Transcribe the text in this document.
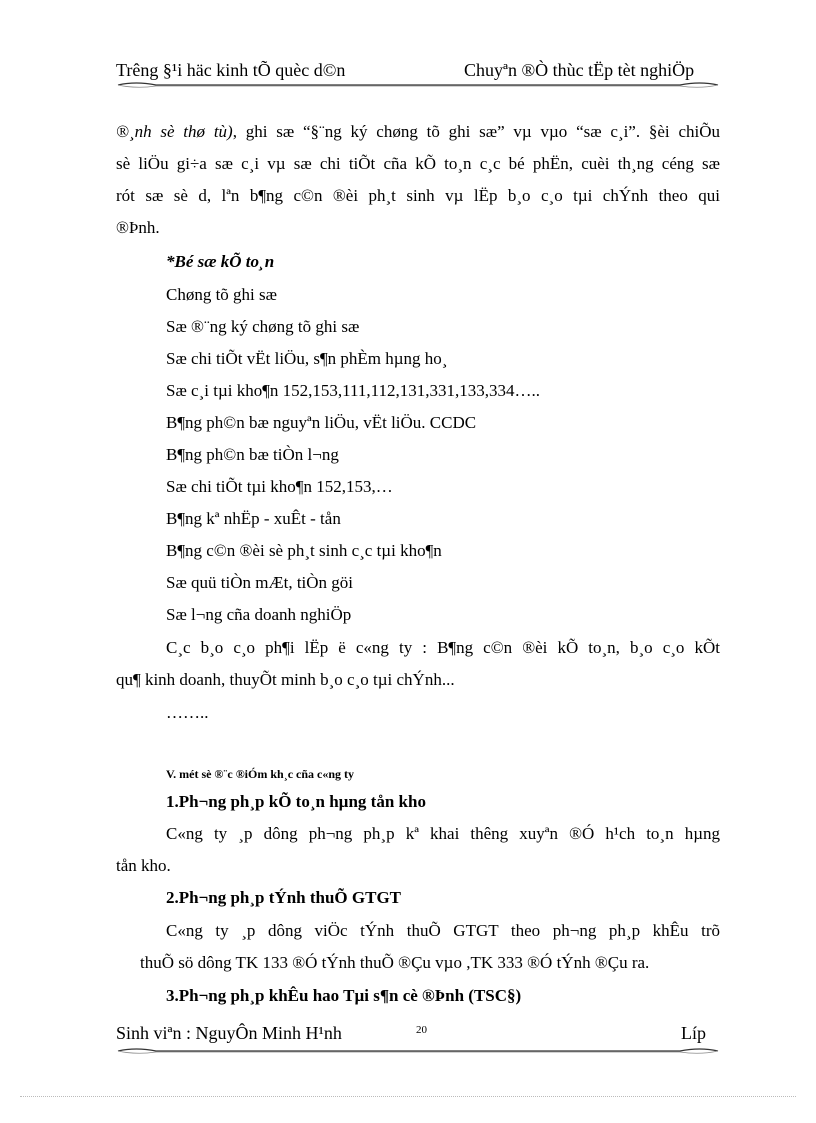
Trêng §¹i häc kinh tÕ quèc d©n	Chuyªn ®Ò thùc tËp tèt nghiÖp
®¸nh sè thø tù), ghi sæ “§¨ng ký chøng tõ ghi sæ” vµ vµo “sæ c¸i”. §èi chiÕu
sè liÖu gi÷a sæ c¸i vµ sæ chi tiÕt cña kÕ to¸n c¸c bé phËn, cuèi th¸ng céng sæ
rót sæ sè d, lªn b¶ng c©n ®èi ph¸t sinh vµ lËp b¸o c¸o tµi chÝnh theo qui
®Þnh.
*Bé sæ kÕ to¸n
Chøng tõ ghi sæ
Sæ ®¨ng ký chøng tõ ghi sæ
Sæ chi tiÕt vËt liÖu, s¶n phÈm hµng ho¸
Sæ c¸i tµi kho¶n 152,153,111,112,131,331,133,334…..
B¶ng ph©n bæ nguyªn liÖu, vËt liÖu. CCDC
B¶ng ph©n bæ tiÒn l¬ng
Sæ chi tiÕt tµi kho¶n 152,153,…
B¶ng kª nhËp - xuÊt - tån
B¶ng c©n ®èi sè ph¸t sinh c¸c tµi kho¶n
Sæ quü tiÒn mÆt, tiÒn göi
Sæ l¬ng cña doanh nghiÖp
C¸c b¸o c¸o ph¶i lËp ë c«ng ty : B¶ng c©n ®èi kÕ to¸n, b¸o c¸o kÕt
qu¶ kinh doanh, thuyÕt minh b¸o c¸o tµi chÝnh...
……..
V. mét sè ®¨c ®iÓm kh¸c cña c«ng ty
1.Ph¬ng ph¸p kÕ to¸n hµng tån kho
C«ng ty ¸p dông ph¬ng ph¸p kª khai thêng xuyªn ®Ó h¹ch to¸n hµng
tån kho.
2.Ph¬ng ph¸p tÝnh thuÕ GTGT
C«ng ty ¸p dông viÖc tÝnh thuÕ GTGT theo ph¬ng ph¸p khÊu trõ
thuÕ sö dông TK 133 ®Ó tÝnh thuÕ ®Çu vµo ,TK 333 ®Ó tÝnh ®Çu ra.
3.Ph¬ng ph¸p khÊu hao Tµi s¶n cè ®Þnh (TSC§)
Sinh viªn : NguyÔn Minh H¹nh	20	Líp
